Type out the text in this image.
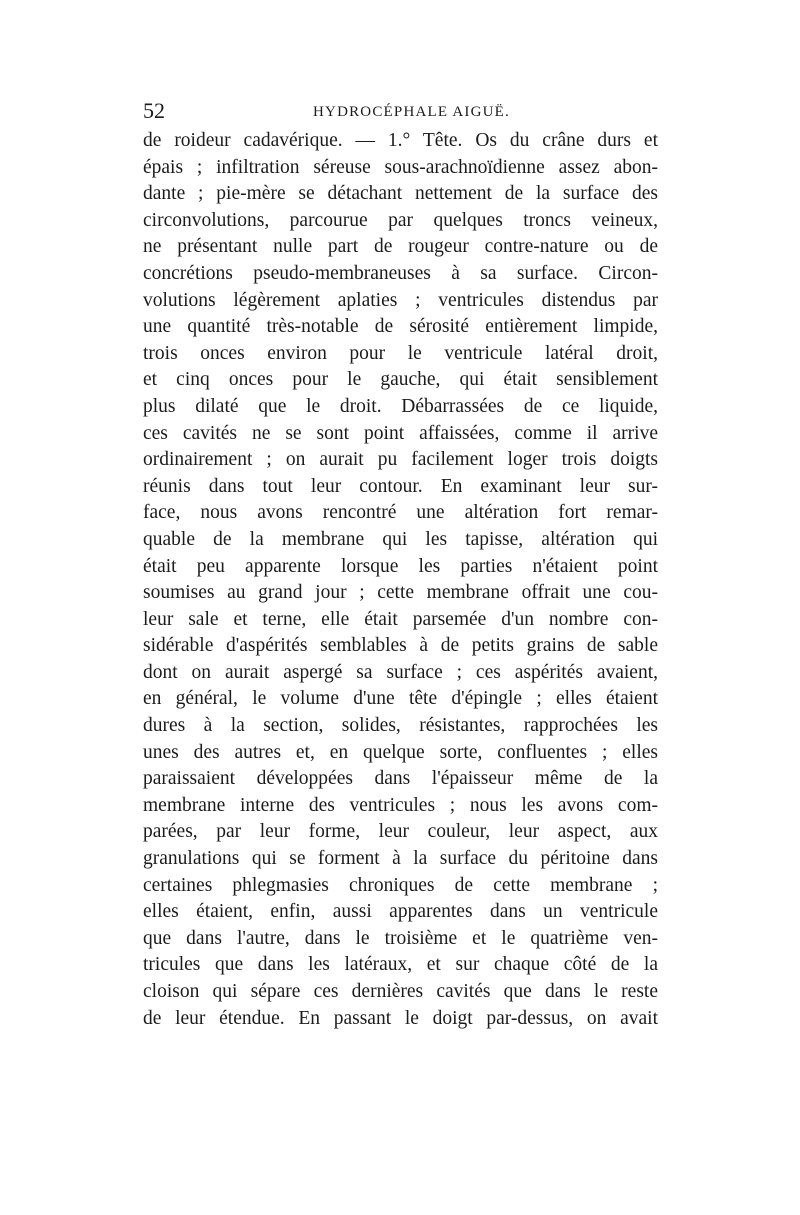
52	HYDROCÉPHALE AIGUË.
de roideur cadavérique. — 1.° Tête. Os du crâne durs et
épais ; infiltration séreuse sous-arachnoïdienne assez abon-
dante ; pie-mère se détachant nettement de la surface des
circonvolutions, parcourue par quelques troncs veineux,
ne présentant nulle part de rougeur contre-nature ou de
concrétions pseudo-membraneuses à sa surface. Circon-
volutions légèrement aplaties ; ventricules distendus par
une quantité très-notable de sérosité entièrement limpide,
trois onces environ pour le ventricule latéral droit,
et cinq onces pour le gauche, qui était sensiblement
plus dilaté que le droit. Débarrassées de ce liquide,
ces cavités ne se sont point affaissées, comme il arrive
ordinairement ; on aurait pu facilement loger trois doigts
réunis dans tout leur contour. En examinant leur sur-
face, nous avons rencontré une altération fort remar-
quable de la membrane qui les tapisse, altération qui
était peu apparente lorsque les parties n'étaient point
soumises au grand jour ; cette membrane offrait une cou-
leur sale et terne, elle était parsemée d'un nombre con-
sidérable d'aspérités semblables à de petits grains de sable
dont on aurait aspergé sa surface ; ces aspérités avaient,
en général, le volume d'une tête d'épingle ; elles étaient
dures à la section, solides, résistantes, rapprochées les
unes des autres et, en quelque sorte, confluentes ; elles
paraissaient développées dans l'épaisseur même de la
membrane interne des ventricules ; nous les avons com-
parées, par leur forme, leur couleur, leur aspect, aux
granulations qui se forment à la surface du péritoine dans
certaines phlegmasies chroniques de cette membrane ;
elles étaient, enfin, aussi apparentes dans un ventricule
que dans l'autre, dans le troisième et le quatrième ven-
tricules que dans les latéraux, et sur chaque côté de la
cloison qui sépare ces dernières cavités que dans le reste
de leur étendue. En passant le doigt par-dessus, on avait
